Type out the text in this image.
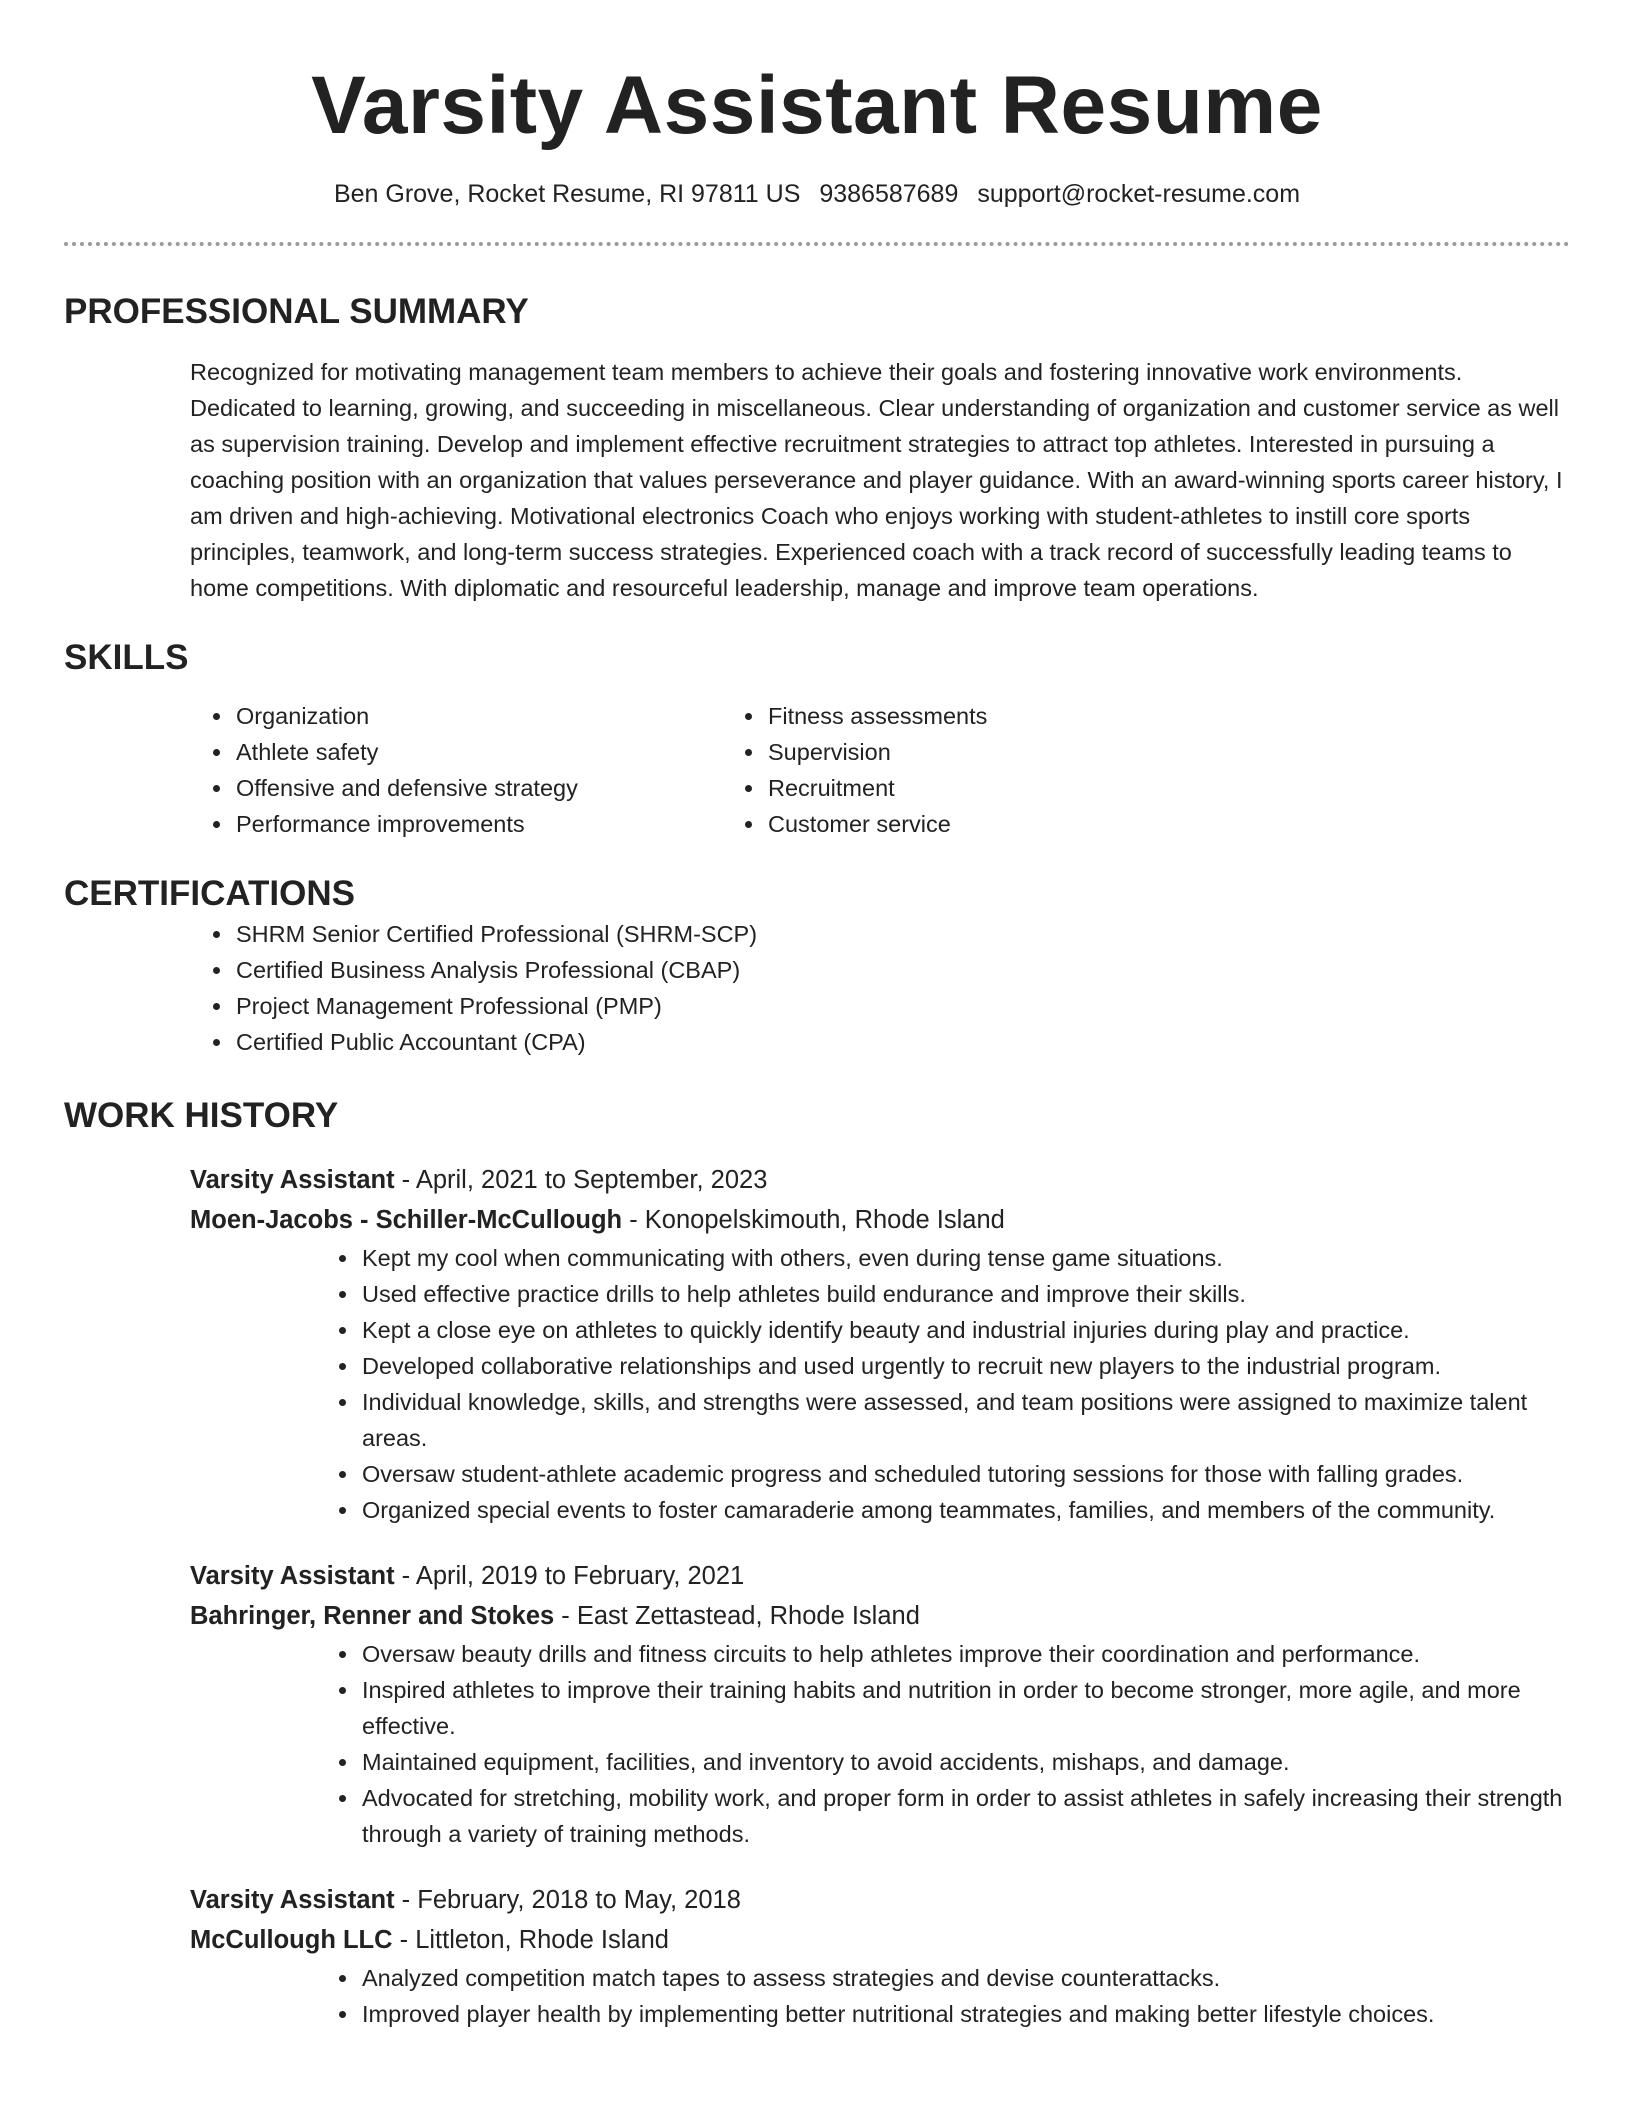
Varsity Assistant Resume
Ben Grove, Rocket Resume, RI 97811 US 9386587689 support@rocket-resume.com
PROFESSIONAL SUMMARY

Recognized for motivating management team members to achieve their goals and fostering innovative work environments. Dedicated to learning, growing, and succeeding in miscellaneous. Clear understanding of organization and customer service as well as supervision training. Develop and implement effective recruitment strategies to attract top athletes. Interested in pursuing a coaching position with an organization that values perseverance and player guidance. With an award-winning sports career history, I am driven and high-achieving. Motivational electronics Coach who enjoys working with student-athletes to instill core sports principles, teamwork, and long-term success strategies. Experienced coach with a track record of successfully leading teams to home competitions. With diplomatic and resourceful leadership, manage and improve team operations.

SKILLS
• Organization
• Athlete safety
• Offensive and defensive strategy
• Performance improvements
• Fitness assessments
• Supervision
• Recruitment
• Customer service
CERTIFICATIONS
• SHRM Senior Certified Professional (SHRM-SCP)
• Certified Business Analysis Professional (CBAP)
• Project Management Professional (PMP)
• Certified Public Accountant (CPA)
WORK HISTORY
Varsity Assistant - April, 2021 to September, 2023
Moen-Jacobs - Schiller-McCullough - Konopelskimouth, Rhode Island
• Kept my cool when communicating with others, even during tense game situations.
• Used effective practice drills to help athletes build endurance and improve their skills.
• Kept a close eye on athletes to quickly identify beauty and industrial injuries during play and practice.
• Developed collaborative relationships and used urgently to recruit new players to the industrial program.
• Individual knowledge, skills, and strengths were assessed, and team positions were assigned to maximize talent areas.
• Oversaw student-athlete academic progress and scheduled tutoring sessions for those with falling grades.
• Organized special events to foster camaraderie among teammates, families, and members of the community.
Varsity Assistant - April, 2019 to February, 2021
Bahringer, Renner and Stokes - East Zettastead, Rhode Island
• Oversaw beauty drills and fitness circuits to help athletes improve their coordination and performance.
• Inspired athletes to improve their training habits and nutrition in order to become stronger, more agile, and more effective.
• Maintained equipment, facilities, and inventory to avoid accidents, mishaps, and damage.
• Advocated for stretching, mobility work, and proper form in order to assist athletes in safely increasing their strength through a variety of training methods.
Varsity Assistant - February, 2018 to May, 2018
McCullough LLC - Littleton, Rhode Island
• Analyzed competition match tapes to assess strategies and devise counterattacks.
• Improved player health by implementing better nutritional strategies and making better lifestyle choices.
